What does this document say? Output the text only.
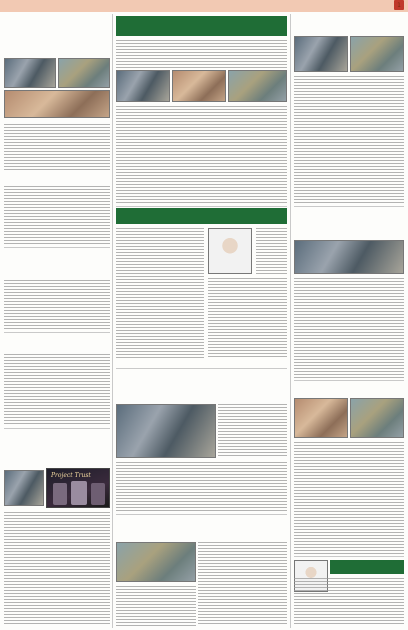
1
Project Trust
